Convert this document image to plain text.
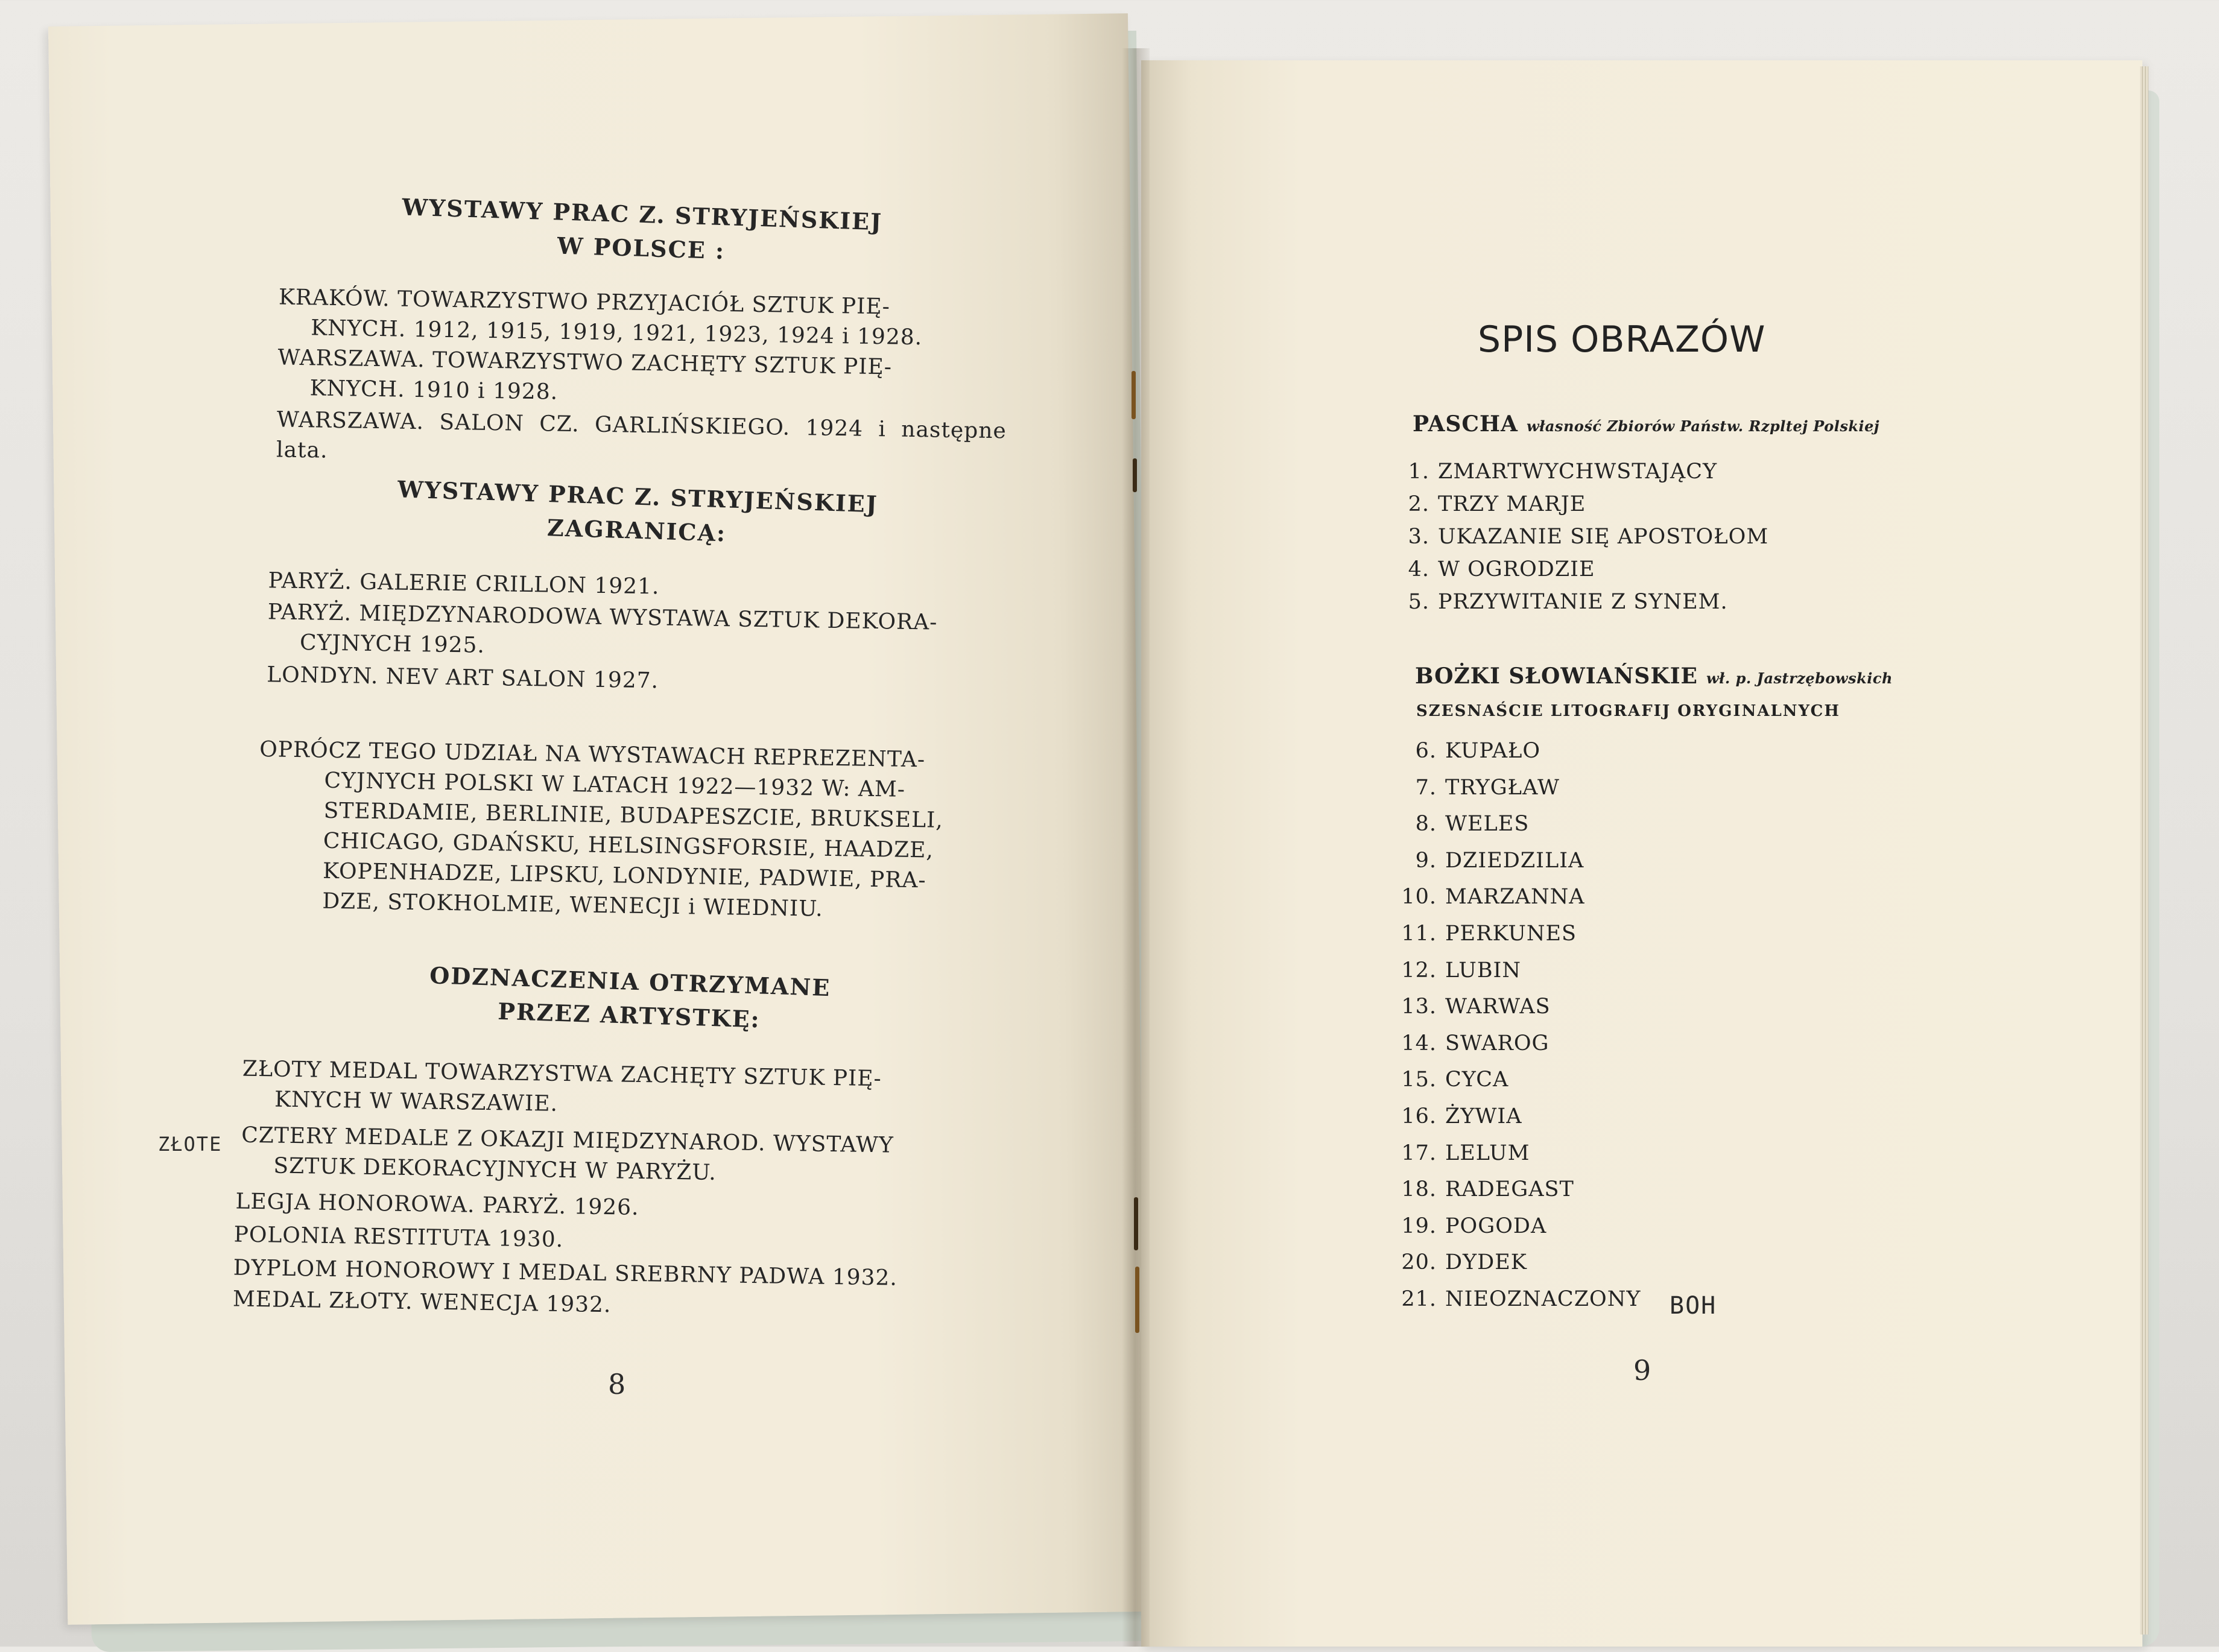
WYSTAWY PRAC Z. STRYJEŃSKIEJ
W POLSCE :
KRAKÓW. TOWARZYSTWO PRZYJACIÓŁ SZTUK PIĘ-
KNYCH. 1912, 1915, 1919, 1921, 1923, 1924 i 1928.
WARSZAWA. TOWARZYSTWO ZACHĘTY SZTUK PIĘ-
KNYCH. 1910 i 1928.
WARSZAWA. SALON CZ. GARLIŃSKIEGO. 1924 i następne lata.
WYSTAWY PRAC Z. STRYJEŃSKIEJ
ZAGRANICĄ:
PARYŻ. GALERIE CRILLON 1921.
PARYŻ. MIĘDZYNARODOWA WYSTAWA SZTUK DEKORA-
CYJNYCH 1925.
LONDYN. NEV ART SALON 1927.
OPRÓCZ TEGO UDZIAŁ NA WYSTAWACH REPREZENTA-
CYJNYCH POLSKI W LATACH 1922—1932 W: AM-
STERDAMIE, BERLINIE, BUDAPESZCIE, BRUKSELI,
CHICAGO, GDAŃSKU, HELSINGSFORSIE, HAADZE,
KOPENHADZE, LIPSKU, LONDYNIE, PADWIE, PRA-
DZE, STOKHOLMIE, WENECJI i WIEDNIU.
ODZNACZENIA OTRZYMANE
PRZEZ ARTYSTKĘ:
ZŁOTY MEDAL TOWARZYSTWA ZACHĘTY SZTUK PIĘ-
KNYCH W WARSZAWIE.
CZTERY MEDALE Z OKAZJI MIĘDZYNAROD. WYSTAWY
SZTUK DEKORACYJNYCH W PARYŻU.
LEGJA HONOROWA. PARYŻ. 1926.
POLONIA RESTITUTA 1930.
DYPLOM HONOROWY I MEDAL SREBRNY PADWA 1932.
MEDAL ZŁOTY. WENECJA 1932.
ZŁOTE
8
SPIS OBRAZÓW
PASCHA własność Zbiorów Państw. Rzpltej Polskiej
1. ZMARTWYCHWSTAJĄCY
2. TRZY MARJE
3. UKAZANIE SIĘ APOSTOŁOM
4. W OGRODZIE
5. PRZYWITANIE Z SYNEM.
BOŻKI SŁOWIAŃSKIE wł. p. Jastrzębowskich
SZESNAŚCIE LITOGRAFIJ ORYGINALNYCH
6. KUPAŁO
7. TRYGŁAW
8. WELES
9. DZIEDZILIA
10. MARZANNA
11. PERKUNES
12. LUBIN
13. WARWAS
14. SWAROG
15. CYCA
16. ŻYWIA
17. LELUM
18. RADEGAST
19. POGODA
20. DYDEK
21. NIEOZNACZONY BOH
9
